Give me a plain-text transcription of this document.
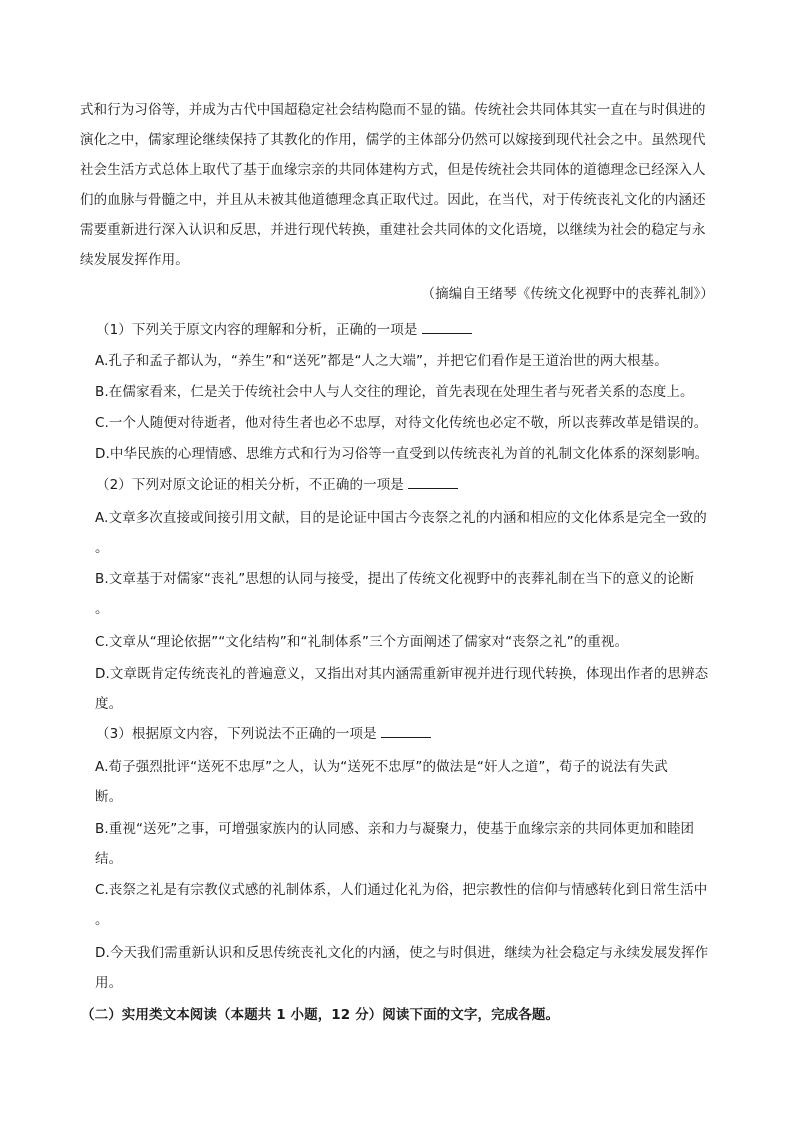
式和行为习俗等，并成为古代中国超稳定社会结构隐而不显的锚。传统社会共同体其实一直在与时俱进的

演化之中，儒家理论继续保持了其教化的作用，儒学的主体部分仍然可以嫁接到现代社会之中。虽然现代

社会生活方式总体上取代了基于血缘宗亲的共同体建构方式，但是传统社会共同体的道德理念已经深入人

们的血脉与骨髓之中，并且从未被其他道德理念真正取代过。因此，在当代，对于传统丧礼文化的内涵还

需要重新进行深入认识和反思，并进行现代转换，重建社会共同体的文化语境，以继续为社会的稳定与永

续发展发挥作用。

（摘编自王绪琴《传统文化视野中的丧葬礼制》）

（1）下列关于原文内容的理解和分析，正确的一项是

A.孔子和孟子都认为，“养生”和“送死”都是“人之大端”，并把它们看作是王道治世的两大根基。

B.在儒家看来，仁是关于传统社会中人与人交往的理论，首先表现在处理生者与死者关系的态度上。

C.一个人随便对待逝者，他对待生者也必不忠厚，对待文化传统也必定不敬，所以丧葬改革是错误的。

D.中华民族的心理情感、思维方式和行为习俗等一直受到以传统丧礼为首的礼制文化体系的深刻影响。

（2）下列对原文论证的相关分析，不正确的一项是

A.文章多次直接或间接引用文献，目的是论证中国古今丧祭之礼的内涵和相应的文化体系是完全一致的

。

B.文章基于对儒家“丧礼”思想的认同与接受，提出了传统文化视野中的丧葬礼制在当下的意义的论断

。

C.文章从“理论依据”“文化结构”和“礼制体系”三个方面阐述了儒家对“丧祭之礼”的重视。

D.文章既肯定传统丧礼的普遍意义，又指出对其内涵需重新审视并进行现代转换，体现出作者的思辨态

度。

（3）根据原文内容，下列说法不正确的一项是

A.荀子强烈批评“送死不忠厚”之人，认为“送死不忠厚”的做法是“奸人之道”，荀子的说法有失武

断。

B.重视“送死”之事，可增强家族内的认同感、亲和力与凝聚力，使基于血缘宗亲的共同体更加和睦团

结。

C.丧祭之礼是有宗教仪式感的礼制体系，人们通过化礼为俗，把宗教性的信仰与情感转化到日常生活中

。

D.今天我们需重新认识和反思传统丧礼文化的内涵，使之与时俱进，继续为社会稳定与永续发展发挥作

用。

（二）实用类文本阅读（本题共 1 小题，12 分）阅读下面的文字，完成各题。
